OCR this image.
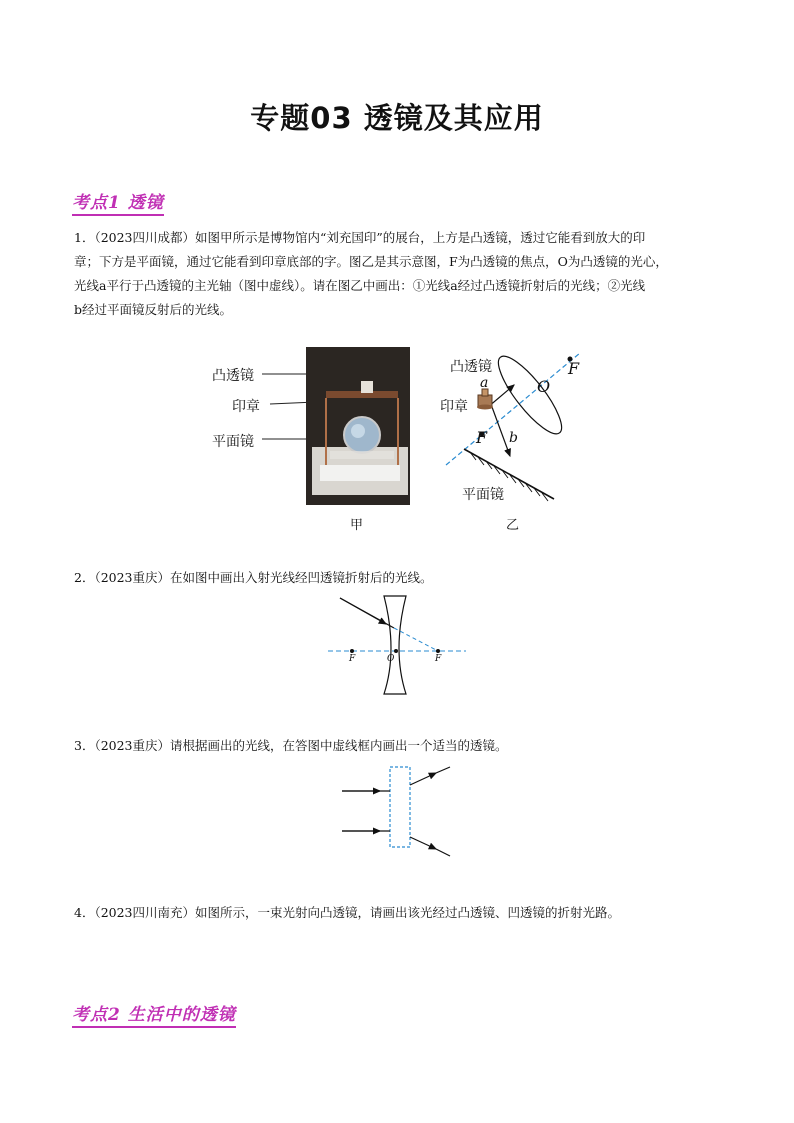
专题03 透镜及其应用
考点1 透镜
1．（2023四川成都）如图甲所示是博物馆内“刘充国印”的展台，上方是凸透镜，透过它能看到放大的印
章；下方是平面镜，通过它能看到印章底部的字。图乙是其示意图，F为凸透镜的焦点，O为凸透镜的光心，
光线a平行于凸透镜的主光轴（图中虚线）。请在图乙中画出：①光线a经过凸透镜折射后的光线；②光线
b经过平面镜反射后的光线。
凸透镜
印章
平面镜
甲
凸透镜
印章
平面镜
a
b
O
F
F
乙
2．（2023重庆）在如图中画出入射光线经凹透镜折射后的光线。
F	O	F
3．（2023重庆）请根据画出的光线，在答图中虚线框内画出一个适当的透镜。
4．（2023四川南充）如图所示，一束光射向凸透镜，请画出该光经过凸透镜、凹透镜的折射光路。
考点2 生活中的透镜
